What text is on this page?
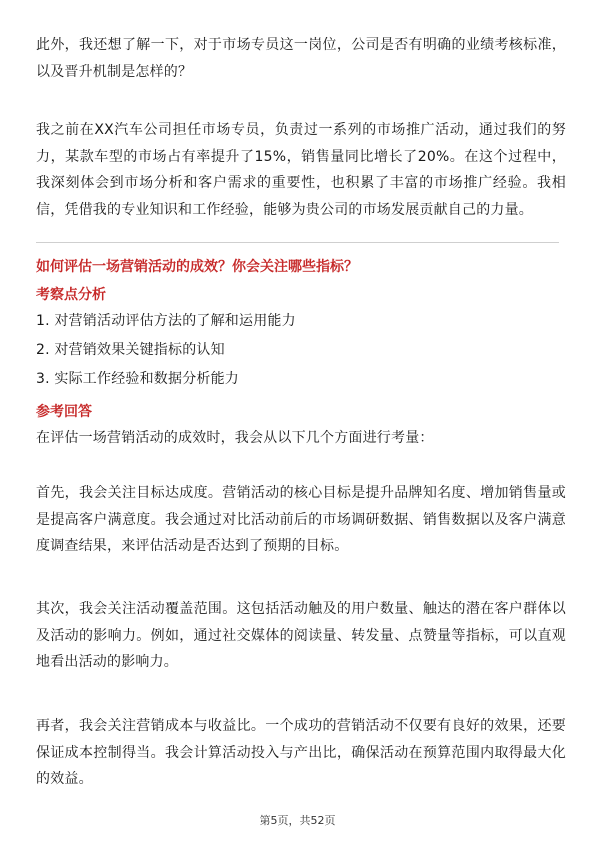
此外，我还想了解一下，对于市场专员这一岗位，公司是否有明确的业绩考核标准，以及晋升机制是怎样的？

我之前在XX汽车公司担任市场专员，负责过一系列的市场推广活动，通过我们的努力，某款车型的市场占有率提升了15%，销售量同比增长了20%。在这个过程中，我深刻体会到市场分析和客户需求的重要性，也积累了丰富的市场推广经验。我相信，凭借我的专业知识和工作经验，能够为贵公司的市场发展贡献自己的力量。

如何评估一场营销活动的成效？你会关注哪些指标？

考察点分析

1. 对营销活动评估方法的了解和运用能力
2. 对营销效果关键指标的认知
3. 实际工作经验和数据分析能力

参考回答

在评估一场营销活动的成效时，我会从以下几个方面进行考量：

首先，我会关注目标达成度。营销活动的核心目标是提升品牌知名度、增加销售量或是提高客户满意度。我会通过对比活动前后的市场调研数据、销售数据以及客户满意度调查结果，来评估活动是否达到了预期的目标。

其次，我会关注活动覆盖范围。这包括活动触及的用户数量、触达的潜在客户群体以及活动的影响力。例如，通过社交媒体的阅读量、转发量、点赞量等指标，可以直观地看出活动的影响力。

再者，我会关注营销成本与收益比。一个成功的营销活动不仅要有良好的效果，还要保证成本控制得当。我会计算活动投入与产出比，确保活动在预算范围内取得最大化的效益。

第5页，共52页
